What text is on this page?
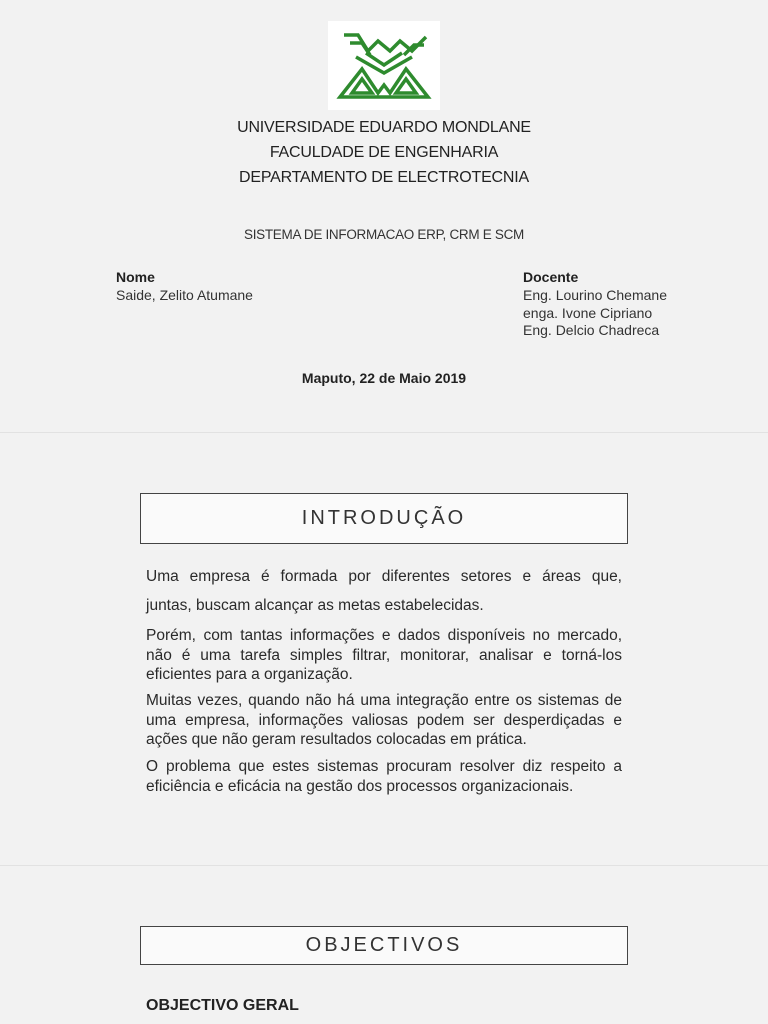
UNIVERSIDADE EDUARDO MONDLANE
FACULDADE DE ENGENHARIA
DEPARTAMENTO DE ELECTROTECNIA
SISTEMA DE INFORMACAO ERP, CRM E SCM
Nome
Saide, Zelito Atumane
Docente
Eng. Lourino Chemane
enga. Ivone Cipriano
Eng. Delcio Chadreca
Maputo, 22 de Maio 2019
INTRODUÇÃO
Uma empresa é formada por diferentes setores e áreas que,
juntas, buscam alcançar as metas estabelecidas.
Porém, com tantas informações e dados disponíveis no mercado, não é uma tarefa simples filtrar, monitorar, analisar e torná-los eficientes para a organização.
Muitas vezes, quando não há uma integração entre os sistemas de uma empresa, informações valiosas podem ser desperdiçadas e ações que não geram resultados colocadas em prática.
O problema que estes sistemas procuram resolver diz respeito a eficiência e eficácia na gestão dos processos organizacionais.
OBJECTIVOS
OBJECTIVO GERAL
